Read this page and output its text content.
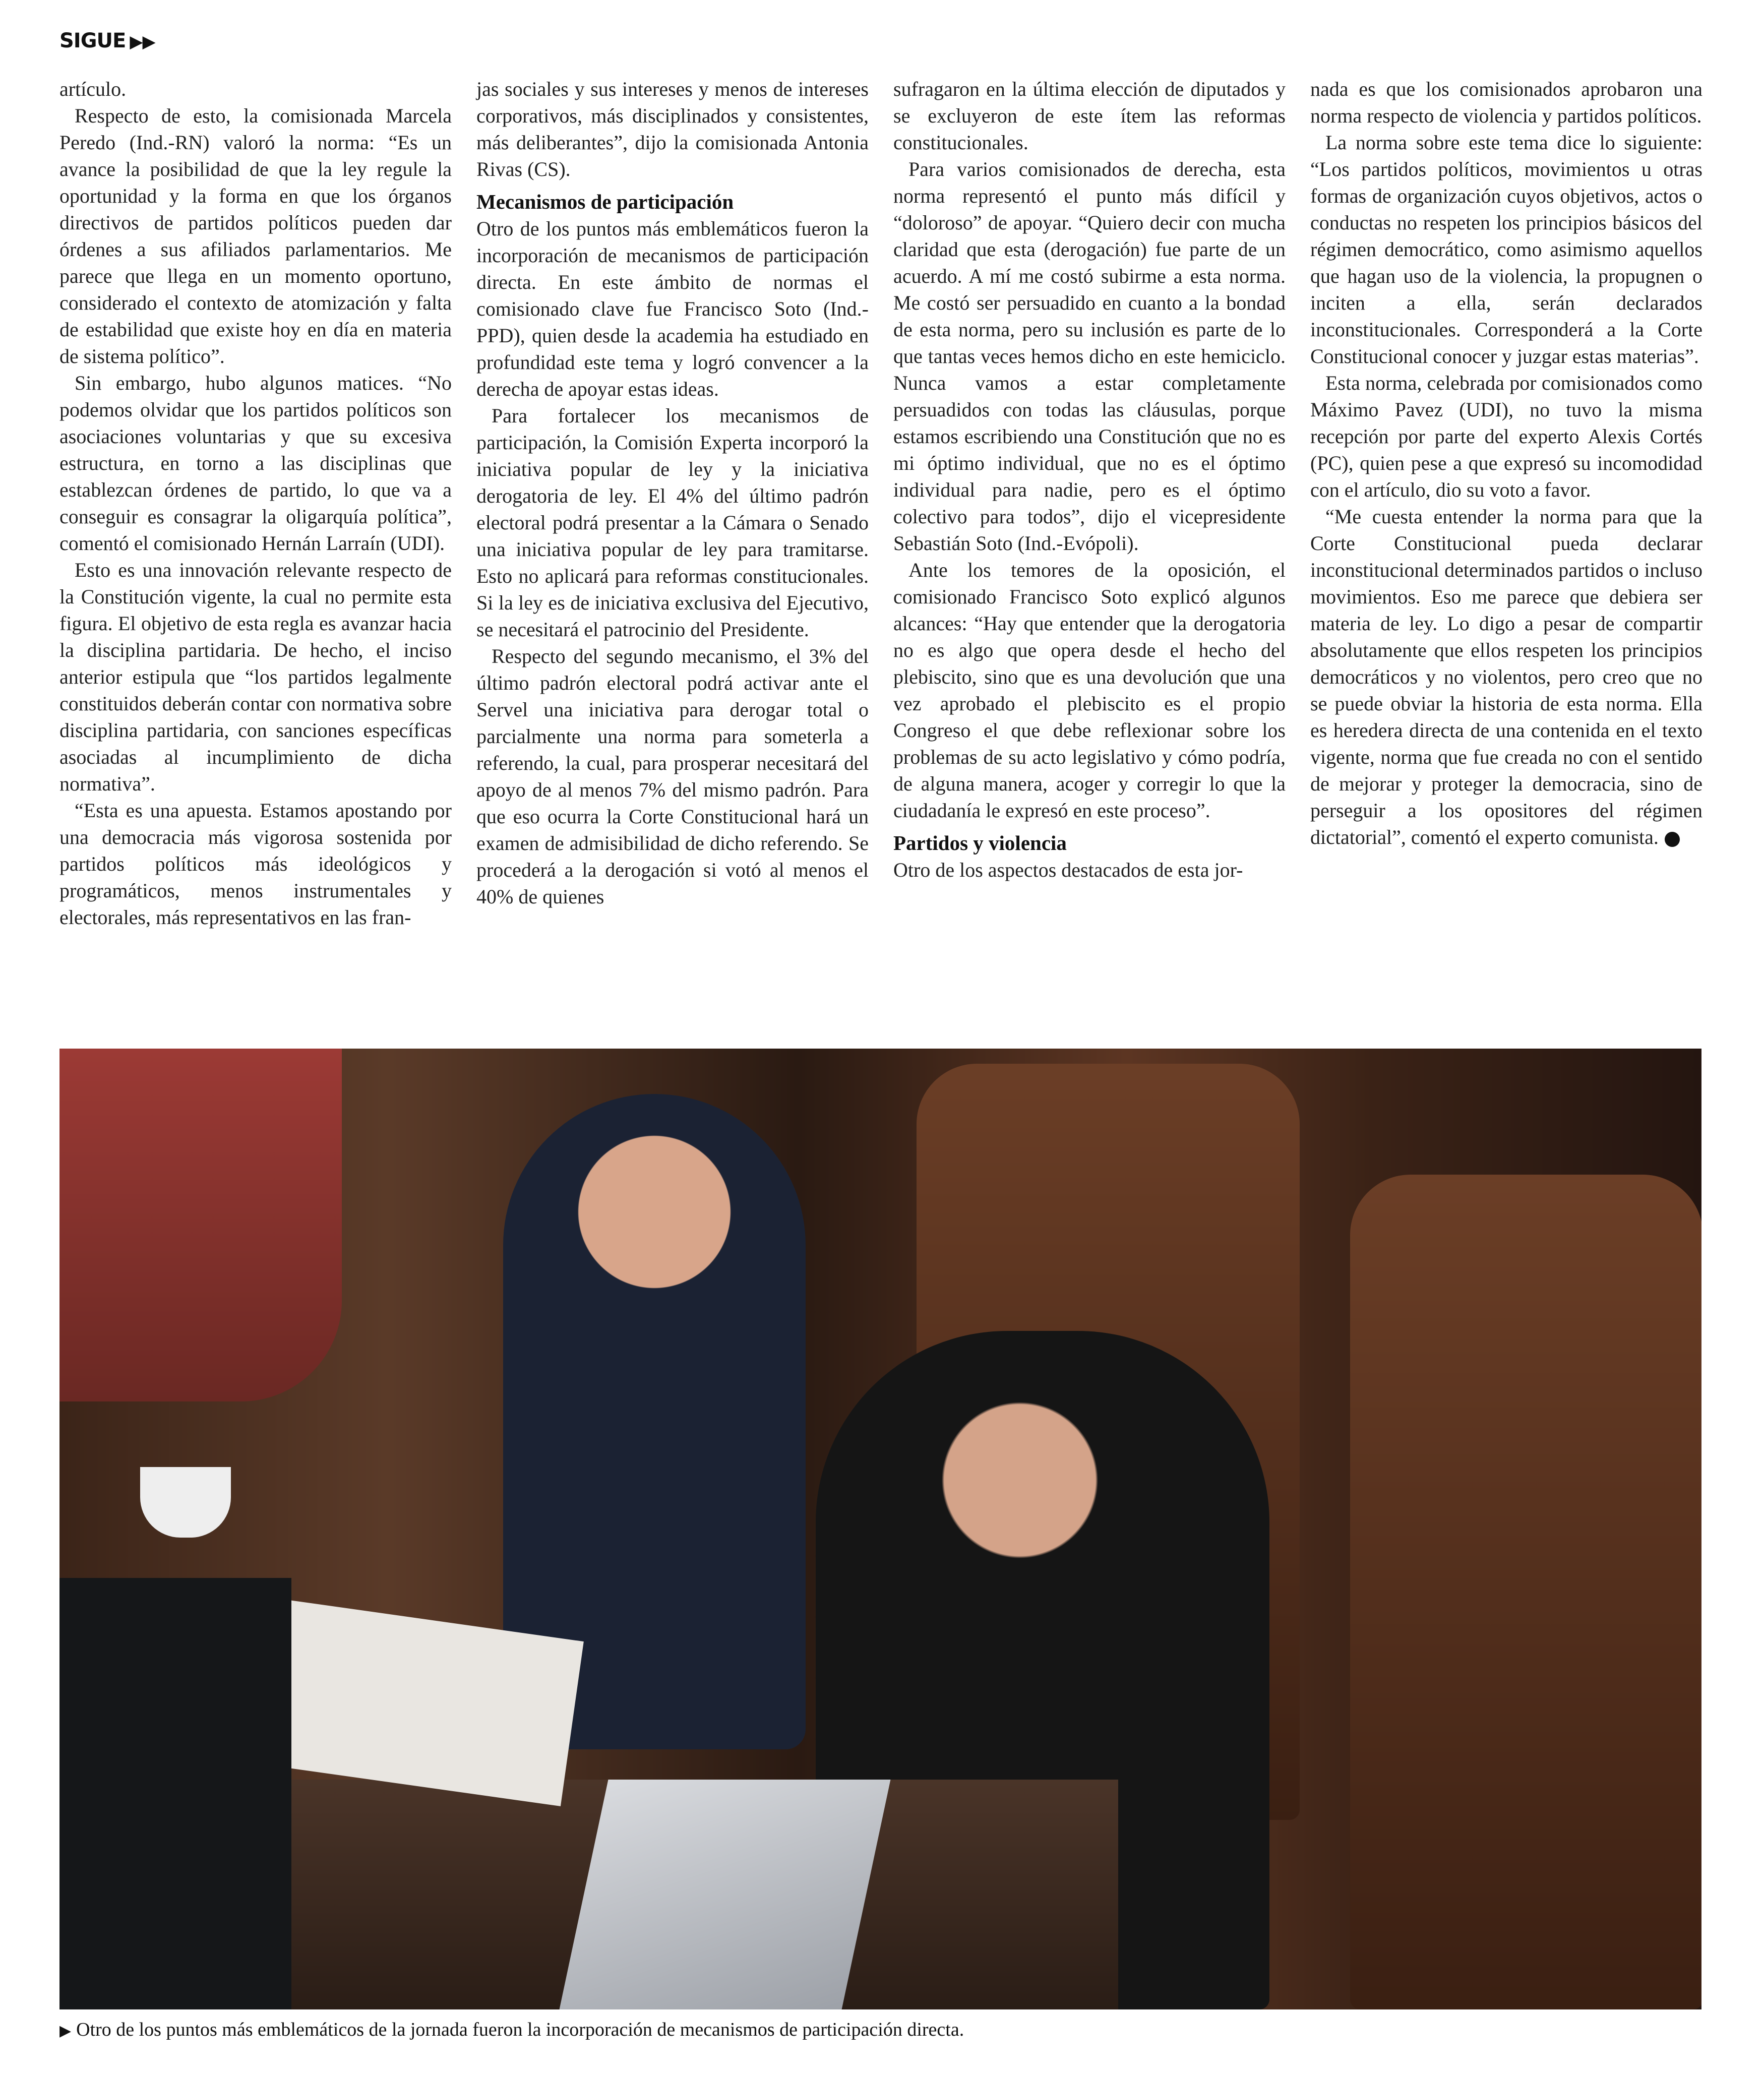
SIGUE ▶▶

artículo.

Respecto de esto, la comisionada Marcela Peredo (Ind.-RN) valoró la norma: “Es un avance la posibilidad de que la ley regule la oportunidad y la forma en que los órganos directivos de partidos políticos pueden dar órdenes a sus afiliados parlamentarios. Me parece que llega en un momento oportuno, considerado el contexto de atomización y falta de estabilidad que existe hoy en día en materia de sistema político”.

Sin embargo, hubo algunos matices. “No podemos olvidar que los partidos políticos son asociaciones voluntarias y que su excesiva estructura, en torno a las disciplinas que establezcan órdenes de partido, lo que va a conseguir es consagrar la oligarquía política”, comentó el comisionado Hernán Larraín (UDI).

Esto es una innovación relevante respecto de la Constitución vigente, la cual no permite esta figura. El objetivo de esta regla es avanzar hacia la disciplina partidaria. De hecho, el inciso anterior estipula que “los partidos legalmente constituidos deberán contar con normativa sobre disciplina partidaria, con sanciones específicas asociadas al incumplimiento de dicha normativa”.

“Esta es una apuesta. Estamos apostando por una democracia más vigorosa sostenida por partidos políticos más ideológicos y programáticos, menos instrumentales y electorales, más representativos en las fran-

jas sociales y sus intereses y menos de intereses corporativos, más disciplinados y consistentes, más deliberantes”, dijo la comisionada Antonia Rivas (CS).

Mecanismos de participación

Otro de los puntos más emblemáticos fueron la incorporación de mecanismos de participación directa. En este ámbito de normas el comisionado clave fue Francisco Soto (Ind.-PPD), quien desde la academia ha estudiado en profundidad este tema y logró convencer a la derecha de apoyar estas ideas.

Para fortalecer los mecanismos de participación, la Comisión Experta incorporó la iniciativa popular de ley y la iniciativa derogatoria de ley. El 4% del último padrón electoral podrá presentar a la Cámara o Senado una iniciativa popular de ley para tramitarse. Esto no aplicará para reformas constitucionales. Si la ley es de iniciativa exclusiva del Ejecutivo, se necesitará el patrocinio del Presidente.

Respecto del segundo mecanismo, el 3% del último padrón electoral podrá activar ante el Servel una iniciativa para derogar total o parcialmente una norma para someterla a referendo, la cual, para prosperar necesitará del apoyo de al menos 7% del mismo padrón. Para que eso ocurra la Corte Constitucional hará un examen de admisibilidad de dicho referendo. Se procederá a la derogación si votó al menos el 40% de quienes

sufragaron en la última elección de diputados y se excluyeron de este ítem las reformas constitucionales.

Para varios comisionados de derecha, esta norma representó el punto más difícil y “doloroso” de apoyar. “Quiero decir con mucha claridad que esta (derogación) fue parte de un acuerdo. A mí me costó subirme a esta norma. Me costó ser persuadido en cuanto a la bondad de esta norma, pero su inclusión es parte de lo que tantas veces hemos dicho en este hemiciclo. Nunca vamos a estar completamente persuadidos con todas las cláusulas, porque estamos escribiendo una Constitución que no es mi óptimo individual, que no es el óptimo individual para nadie, pero es el óptimo colectivo para todos”, dijo el vicepresidente Sebastián Soto (Ind.-Evópoli).

Ante los temores de la oposición, el comisionado Francisco Soto explicó algunos alcances: “Hay que entender que la derogatoria no es algo que opera desde el hecho del plebiscito, sino que es una devolución que una vez aprobado el plebiscito es el propio Congreso el que debe reflexionar sobre los problemas de su acto legislativo y cómo podría, de alguna manera, acoger y corregir lo que la ciudadanía le expresó en este proceso”.

Partidos y violencia

Otro de los aspectos destacados de esta jor-

nada es que los comisionados aprobaron una norma respecto de violencia y partidos políticos.

La norma sobre este tema dice lo siguiente: “Los partidos políticos, movimientos u otras formas de organización cuyos objetivos, actos o conductas no respeten los principios básicos del régimen democrático, como asimismo aquellos que hagan uso de la violencia, la propugnen o inciten a ella, serán declarados inconstitucionales. Corresponderá a la Corte Constitucional conocer y juzgar estas materias”.

Esta norma, celebrada por comisionados como Máximo Pavez (UDI), no tuvo la misma recepción por parte del experto Alexis Cortés (PC), quien pese a que expresó su incomodidad con el artículo, dio su voto a favor.

“Me cuesta entender la norma para que la Corte Constitucional pueda declarar inconstitucional determinados partidos o incluso movimientos. Eso me parece que debiera ser materia de ley. Lo digo a pesar de compartir absolutamente que ellos respeten los principios democráticos y no violentos, pero creo que no se puede obviar la historia de esta norma. Ella es heredera directa de una contenida en el texto vigente, norma que fue creada no con el sentido de mejorar y proteger la democracia, sino de perseguir a los opositores del régimen dictatorial”, comentó el experto comunista.

▶ Otro de los puntos más emblemáticos de la jornada fueron la incorporación de mecanismos de participación directa.
